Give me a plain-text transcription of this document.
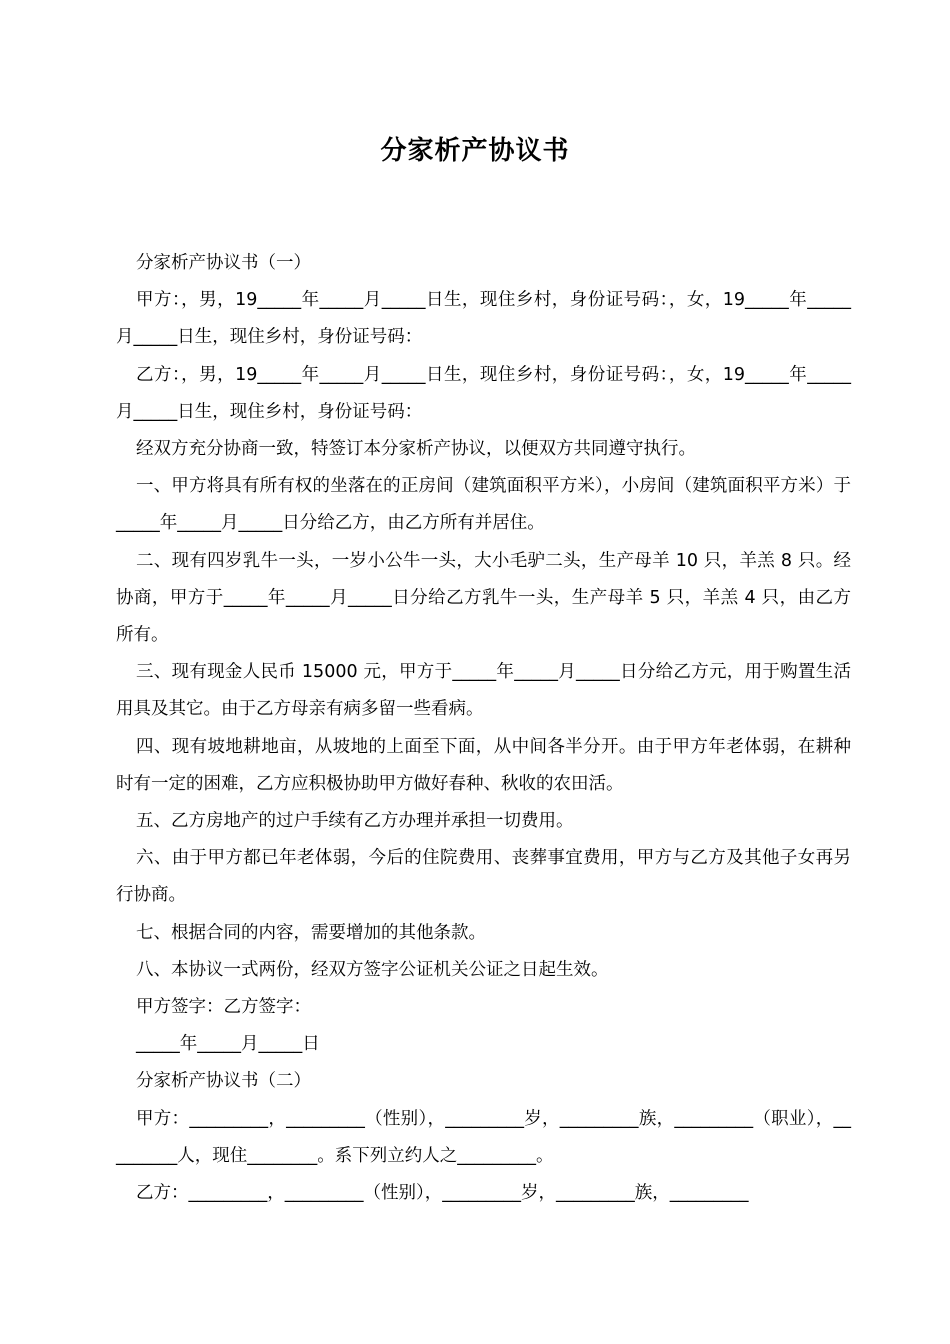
分家析产协议书

分家析产协议书（一）

甲方：，男，19_____年_____月_____日生，现住乡村，身份证号码：，女，19_____年_____月_____日生，现住乡村，身份证号码：

乙方：，男，19_____年_____月_____日生，现住乡村，身份证号码：，女，19_____年_____月_____日生，现住乡村，身份证号码：

经双方充分协商一致，特签订本分家析产协议，以便双方共同遵守执行。

一、甲方将具有所有权的坐落在的正房间（建筑面积平方米），小房间（建筑面积平方米）于_____年_____月_____日分给乙方，由乙方所有并居住。

二、现有四岁乳牛一头，一岁小公牛一头，大小毛驴二头，生产母羊 10 只，羊羔 8 只。经协商，甲方于_____年_____月_____日分给乙方乳牛一头，生产母羊 5 只，羊羔 4 只，由乙方所有。

三、现有现金人民币 15000 元，甲方于_____年_____月_____日分给乙方元，用于购置生活用具及其它。由于乙方母亲有病多留一些看病。

四、现有坡地耕地亩，从坡地的上面至下面，从中间各半分开。由于甲方年老体弱，在耕种时有一定的困难，乙方应积极协助甲方做好春种、秋收的农田活。

五、乙方房地产的过户手续有乙方办理并承担一切费用。

六、由于甲方都已年老体弱，今后的住院费用、丧葬事宜费用，甲方与乙方及其他子女再另行协商。

七、根据合同的内容，需要增加的其他条款。

八、本协议一式两份，经双方签字公证机关公证之日起生效。

甲方签字：乙方签字：

_____年_____月_____日

分家析产协议书（二）

甲方：_________，_________（性别），_________岁，_________族，_________（职业），_________人，现住________。系下列立约人之_________。

乙方：_________，_________（性别），_________岁，_________族，_________
